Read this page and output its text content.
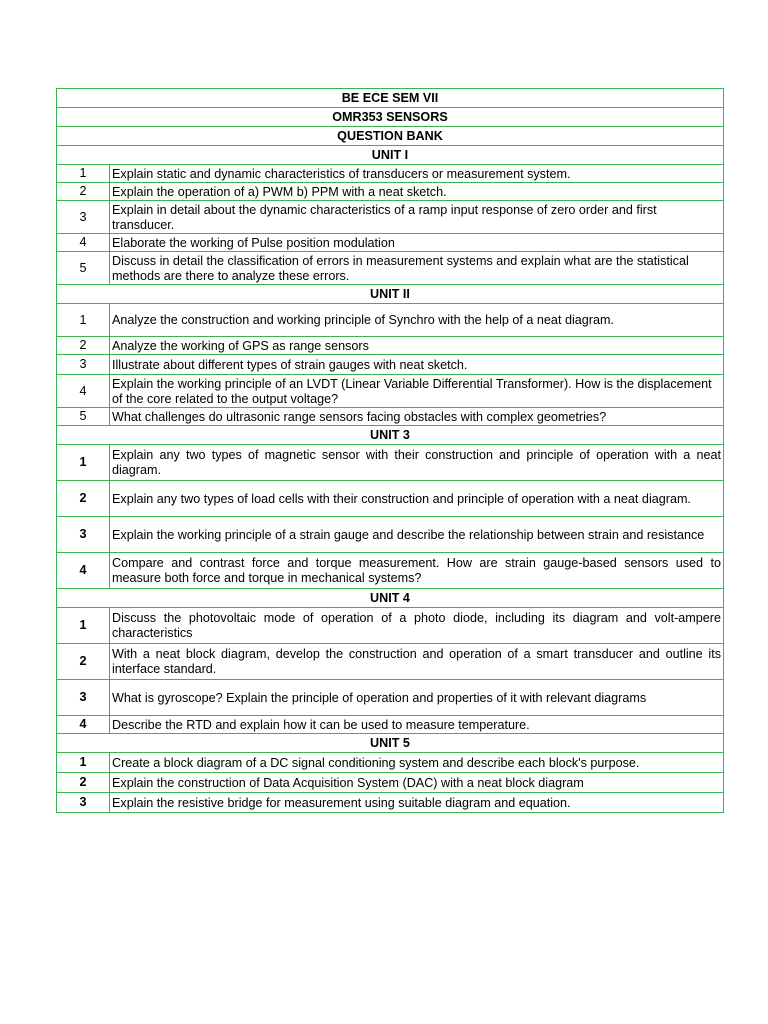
BE ECE SEM VII	
OMR353 SENSORS	
QUESTION BANK	
UNIT I	
1	Explain static and dynamic characteristics of transducers or measurement system.
2	Explain the operation of a) PWM b) PPM with a neat sketch.
3	Explain in detail about the dynamic characteristics of a ramp input response of zero order and first transducer.
4	Elaborate the working of Pulse position modulation
5	Discuss in detail the classification of errors in measurement systems and explain what are the statistical methods are there to analyze these errors.
UNIT II	
1	Analyze the construction and working principle of Synchro with the help of a neat diagram.
2	Analyze the working of GPS as range sensors
3	Illustrate about different types of strain gauges with neat sketch.
4	Explain the working principle of an LVDT (Linear Variable Differential Transformer). How is the displacement of the core related to the output voltage?
5	What challenges do ultrasonic range sensors facing obstacles with complex geometries?
UNIT 3	
1	Explain any two types of magnetic sensor with their construction and principle of operation with a neat diagram.
2	Explain any two types of load cells with their construction and principle of operation with a neat diagram.
3	Explain the working principle of a strain gauge and describe the relationship between strain and resistance
4	Compare and contrast force and torque measurement. How are strain gauge-based sensors used to measure both force and torque in mechanical systems?
UNIT 4	
1	Discuss the photovoltaic mode of operation of a photo diode, including its diagram and volt-ampere characteristics
2	With a neat block diagram, develop the construction and operation of a smart transducer and outline its interface standard.
3	What is gyroscope? Explain the principle of operation and properties of it with relevant diagrams
4	Describe the RTD and explain how it can be used to measure temperature.
UNIT 5	
1	Create a block diagram of a DC signal conditioning system and describe each block's purpose.
2	Explain the construction of Data Acquisition System (DAC) with a neat block diagram
3	Explain the resistive bridge for measurement using suitable diagram and equation.
